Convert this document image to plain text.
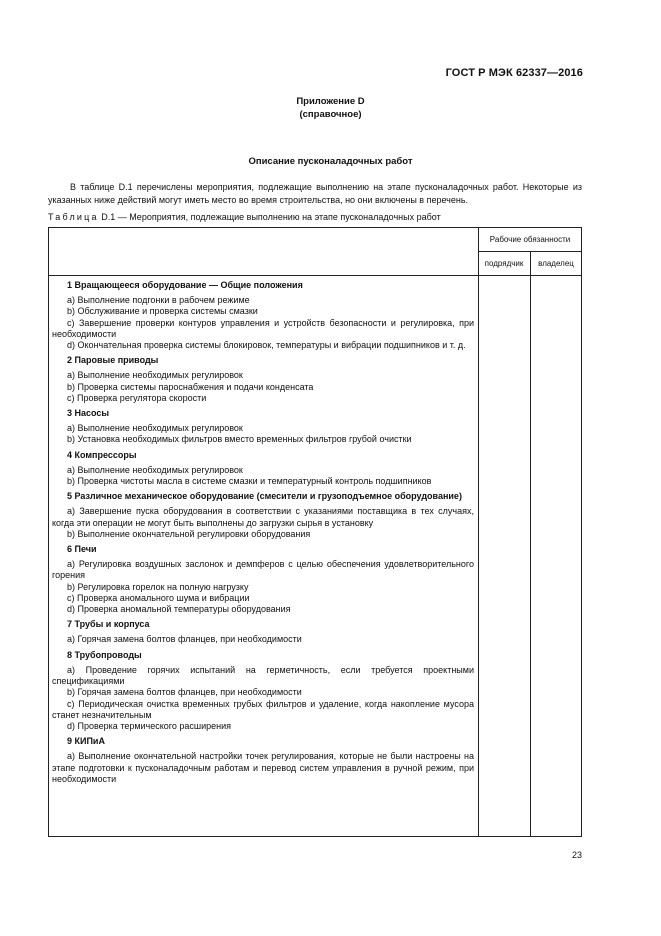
ГОСТ Р МЭК 62337—2016
Приложение D
(справочное)
Описание пусконаладочных работ

В таблице D.1 перечислены мероприятия, подлежащие выполнению на этапе пусконаладочных работ. Некоторые из указанных ниже действий могут иметь место во время строительства, но они включены в перечень.

Таблица D.1 — Мероприятия, подлежащие выполнению на этапе пусконаладочных работ
Рабочие обязанности
подрядчик	владелец

1 Вращающееся оборудование — Общие положения

a) Выполнение подгонки в рабочем режиме

b) Обслуживание и проверка системы смазки

c) Завершение проверки контуров управления и устройств безопасности и регулировка, при необходимости

d) Окончательная проверка системы блокировок, температуры и вибрации подшипников и т. д.

2 Паровые приводы

a) Выполнение необходимых регулировок

b) Проверка системы пароснабжения и подачи конденсата

c) Проверка регулятора скорости

3 Насосы

a) Выполнение необходимых регулировок

b) Установка необходимых фильтров вместо временных фильтров грубой очистки

4 Компрессоры

a) Выполнение необходимых регулировок

b) Проверка чистоты масла в системе смазки и температурный контроль подшипников

5 Различное механическое оборудование (смесители и грузоподъемное оборудование)

a) Завершение пуска оборудования в соответствии с указаниями поставщика в тех случаях, когда эти операции не могут быть выполнены до загрузки сырья в установку

b) Выполнение окончательной регулировки оборудования

6 Печи

a) Регулировка воздушных заслонок и демпферов с целью обеспечения удовлетворительного горения

b) Регулировка горелок на полную нагрузку

c) Проверка аномального шума и вибрации

d) Проверка аномальной температуры оборудования

7 Трубы и корпуса

a) Горячая замена болтов фланцев, при необходимости

8 Трубопроводы

a) Проведение горячих испытаний на герметичность, если требуется проектными спецификациями

b) Горячая замена болтов фланцев, при необходимости

c) Периодическая очистка временных грубых фильтров и удаление, когда накопление мусора станет незначительным

d) Проверка термического расширения

9 КИПиА

a) Выполнение окончательной настройки точек регулирования, которые не были настроены на этапе подготовки к пусконаладочным работам и перевод систем управления в ручной режим, при необходимости

23
